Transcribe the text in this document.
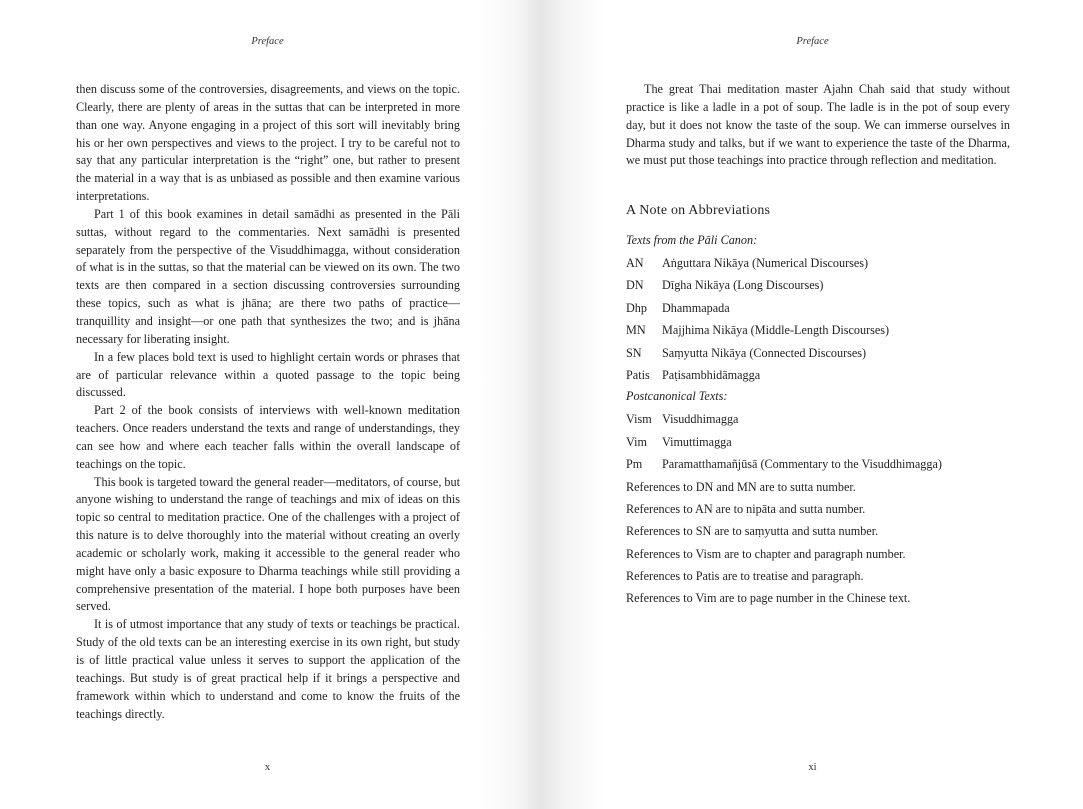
Preface

then discuss some of the controversies, disagreements, and views on the topic. Clearly, there are plenty of areas in the suttas that can be interpreted in more than one way. Anyone engaging in a project of this sort will inevitably bring his or her own perspectives and views to the project. I try to be careful not to say that any particular interpretation is the “right” one, but rather to present the material in a way that is as unbiased as possible and then examine various interpretations.

Part 1 of this book examines in detail samādhi as presented in the Pāli suttas, without regard to the commentaries. Next samādhi is presented separately from the perspective of the Visuddhimagga, without consideration of what is in the suttas, so that the material can be viewed on its own. The two texts are then compared in a section discussing controversies surrounding these topics, such as what is jhāna; are there two paths of practice—tranquillity and insight—or one path that synthesizes the two; and is jhāna necessary for liberating insight.

In a few places bold text is used to highlight certain words or phrases that are of particular relevance within a quoted passage to the topic being discussed.

Part 2 of the book consists of interviews with well-known meditation teachers. Once readers understand the texts and range of understandings, they can see how and where each teacher falls within the overall landscape of teachings on the topic.

This book is targeted toward the general reader—meditators, of course, but anyone wishing to understand the range of teachings and mix of ideas on this topic so central to meditation practice. One of the challenges with a project of this nature is to delve thoroughly into the material without creating an overly academic or scholarly work, making it accessible to the general reader who might have only a basic exposure to Dharma teachings while still providing a comprehensive presentation of the material. I hope both purposes have been served.

It is of utmost importance that any study of texts or teachings be practical. Study of the old texts can be an interesting exercise in its own right, but study is of little practical value unless it serves to support the application of the teachings. But study is of great practical help if it brings a perspective and framework within which to understand and come to know the fruits of the teachings directly.

x
Preface

The great Thai meditation master Ajahn Chah said that study without practice is like a ladle in a pot of soup. The ladle is in the pot of soup every day, but it does not know the taste of the soup. We can immerse ourselves in Dharma study and talks, but if we want to experience the taste of the Dharma, we must put those teachings into practice through reflection and meditation.

A Note on Abbreviations
Texts from the Pāli Canon:
AN	Aṅguttara Nikāya (Numerical Discourses)
DN	Dīgha Nikāya (Long Discourses)
Dhp	Dhammapada
MN	Majjhima Nikāya (Middle-Length Discourses)
SN	Saṃyutta Nikāya (Connected Discourses)
Patis	Paṭisambhidāmagga
Postcanonical Texts:
Vism Visuddhimagga
Vim	Vimuttimagga
Pm	Paramatthamañjūsā (Commentary to the Visuddhimagga)
References to DN and MN are to sutta number.
References to AN are to nipāta and sutta number.
References to SN are to saṃyutta and sutta number.
References to Vism are to chapter and paragraph number.
References to Patis are to treatise and paragraph.
References to Vim are to page number in the Chinese text.
xi
